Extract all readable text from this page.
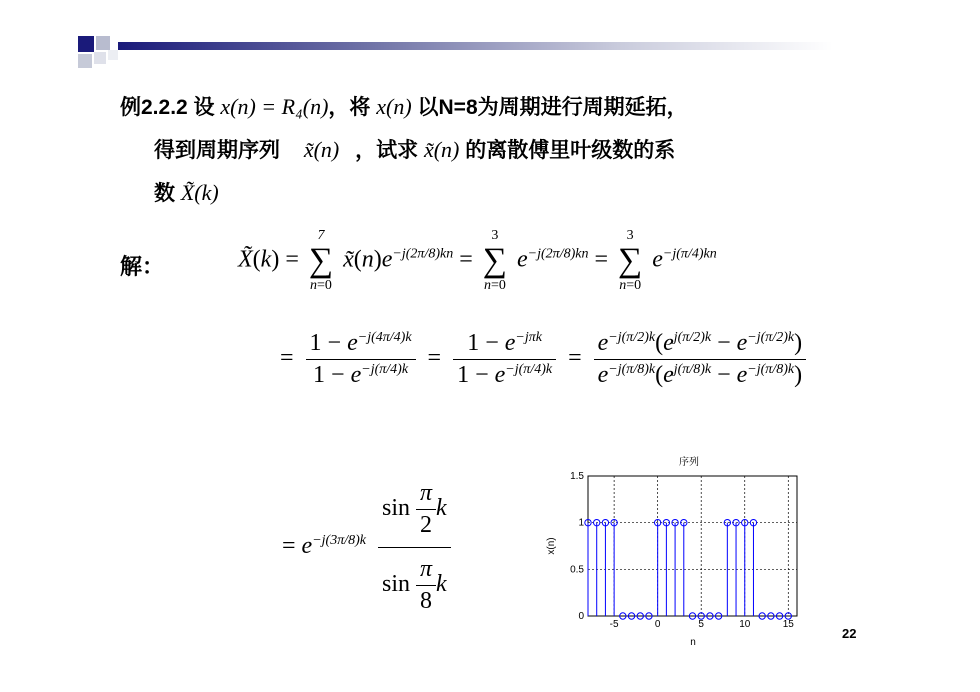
例2.2.2 设 x(n) = R₄(n)，将 x(n) 以N=8为周期进行周期延拓，
得到周期序列 x̃(n) ，试求 x̃(n) 的离散傅里叶级数的系
数 X̃(k)
解：	X̃(k) = 7
∑
n=0 $x̃(n)e^{-j(2\pi/8)kn} = 3$
∑
n=0 $e^{-j(2\pi/8)kn} = 3$
∑
n=0 $e^{-j(\pi/4)kn}$
= $\frac{1 - e^{-j(4\pi/4)k}}{1 - e^{-j(\pi/4)k}} = \frac{1 - e^{-j\pi k}}{1 - e^{-j(\pi/4)k}} = \frac{e^{-j(\pi/2)k}(e^{j(\pi/2)k} - e^{-j(\pi/2)k})}{e^{-j(\pi/8)k}(e^{j(\pi/8)k} - e^{-j(\pi/8)k})}$
= $e^{-j(3\pi/8)k} \frac{\sin \frac{\pi}{2} k}{\sin \frac{\pi}{8} k}$
序列
-5	0	5	10	15
0
0.5
1
1.5
n
x(n)
22
